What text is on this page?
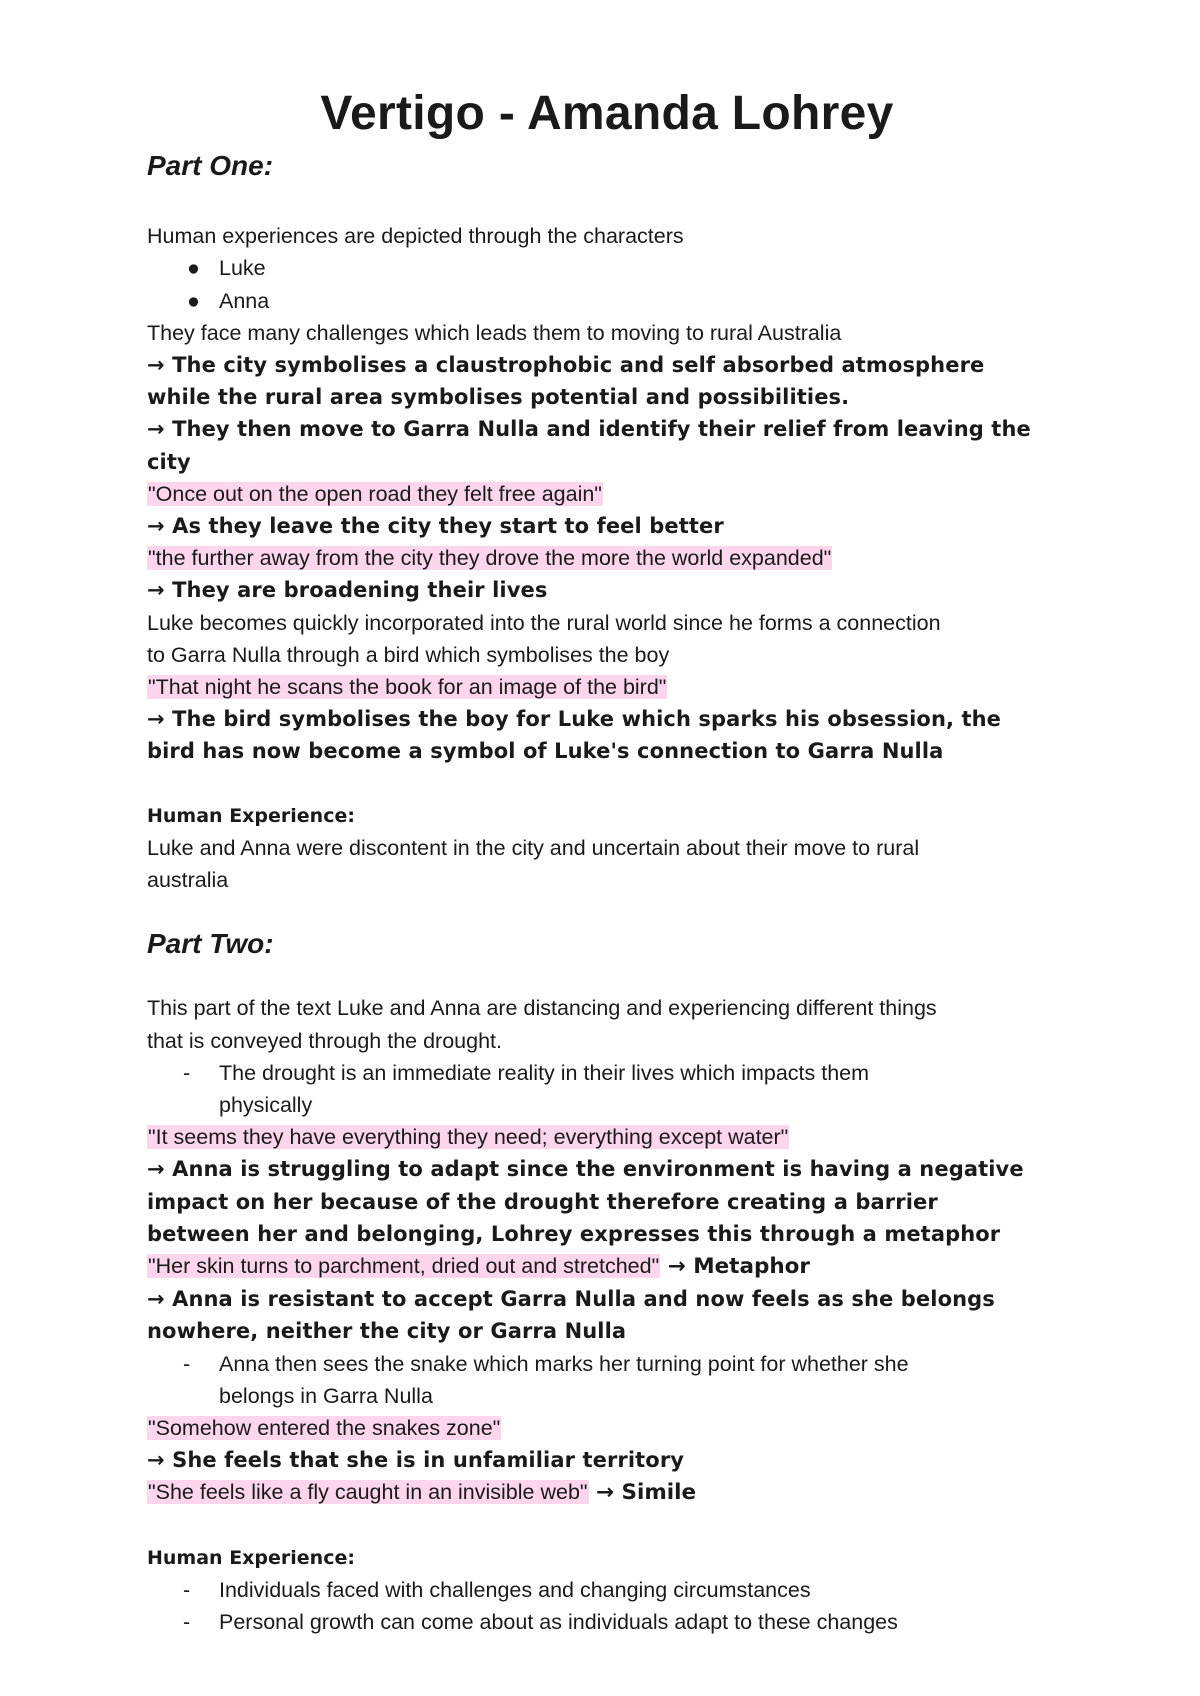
Vertigo - Amanda Lohrey

Part One:

Human experiences are depicted through the characters

● Luke

● Anna

They face many challenges which leads them to moving to rural Australia

→ The city symbolises a claustrophobic and self absorbed atmosphere

while the rural area symbolises potential and possibilities.

→ They then move to Garra Nulla and identify their relief from leaving the

city

"Once out on the open road they felt free again"

→ As they leave the city they start to feel better

"the further away from the city they drove the more the world expanded"

→ They are broadening their lives

Luke becomes quickly incorporated into the rural world since he forms a connection

to Garra Nulla through a bird which symbolises the boy

"That night he scans the book for an image of the bird"

→ The bird symbolises the boy for Luke which sparks his obsession, the

bird has now become a symbol of Luke's connection to Garra Nulla

Human Experience:

Luke and Anna were discontent in the city and uncertain about their move to rural

australia

Part Two:

This part of the text Luke and Anna are distancing and experiencing different things

that is conveyed through the drought.

- The drought is an immediate reality in their lives which impacts them

physically

"It seems they have everything they need; everything except water"

→ Anna is struggling to adapt since the environment is having a negative

impact on her because of the drought therefore creating a barrier

between her and belonging, Lohrey expresses this through a metaphor

"Her skin turns to parchment, dried out and stretched" → Metaphor

→ Anna is resistant to accept Garra Nulla and now feels as she belongs

nowhere, neither the city or Garra Nulla

- Anna then sees the snake which marks her turning point for whether she

belongs in Garra Nulla

"Somehow entered the snakes zone"

→ She feels that she is in unfamiliar territory

"She feels like a fly caught in an invisible web" → Simile

Human Experience:

- Individuals faced with challenges and changing circumstances

- Personal growth can come about as individuals adapt to these changes
